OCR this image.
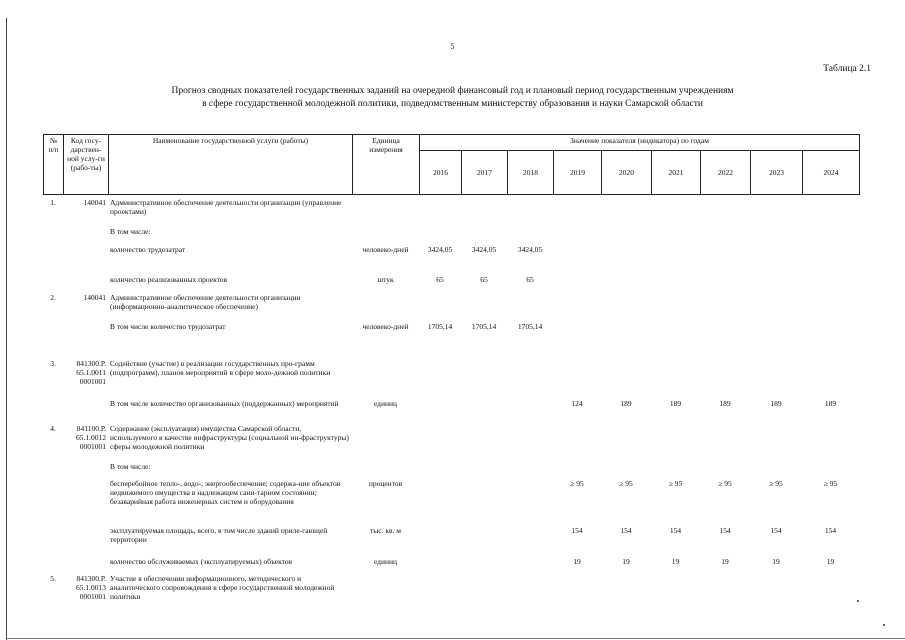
5
Таблица 2.1
Прогноз сводных показателей государственных заданий на очередной финансовый год и плановый период государственным учреждениям
в сфере государственной молодежной политики, подведомственным министерству образования и науки Самарской области
№ п/п	Код госу-дарствен-ной услу-ги (рабо-ты)	Наименование государственной услуги (работы)	Единица измерения	Значение показателя (индикатора) по годам								
				2016	2017	2018	2019	2020	2021	2022	2023	2024
1.	140041	Административное обеспечение деятельности организации (управление проектами)										
		В том числе:										
		количество трудозатрат	человеко-дней	3424,05	3424,05	3424,05						
		количество реализованных проектов	штук	65	65	65						
2.	140041	Административное обеспечение деятельности организации (информационно-аналитическое обеспечение)										
		В том числе количество трудозатрат	человеко-дней	1705,14	1705,14	1705,14						
3.	841300.Р. 65.1.0011 0001001	Содействие (участие) в реализации государственных про-грамм (подпрограмм), планов мероприятий в сфере моло-дежной политики										
		В том числе количество организованных (поддержанных) мероприятий	единиц				124	189	189	189	189	189
4.	841100.Р. 65.1.0012 0001001	Содержание (эксплуатация) имущества Самарской области, используемого в качестве инфраструктуры (социальной ин-фраструктуры) сферы молодежной политики										
		В том числе:										
		бесперебойное тепло-, водо-, энергообеспечение; содержа-ние объектов недвижимого имущества в надлежащем сани-тарном состоянии; безаварийная работа инженерных систем и оборудования	процентов				≥ 95	≥ 95	≥ 95	≥ 95	≥ 95	≥ 95
		эксплуатируемая площадь, всего, в том числе зданий приле-гающей территории	тыс. кв. м				154	154	154	154	154	154
		количество обслуживаемых (эксплуатируемых) объектов	единиц				19	19	19	19	19	19
5.	841300.Р. 65.1.0013 0001001	Участие в обеспечении информационного, методического и аналитического сопровождения в сфере государственной молодежной политики										
